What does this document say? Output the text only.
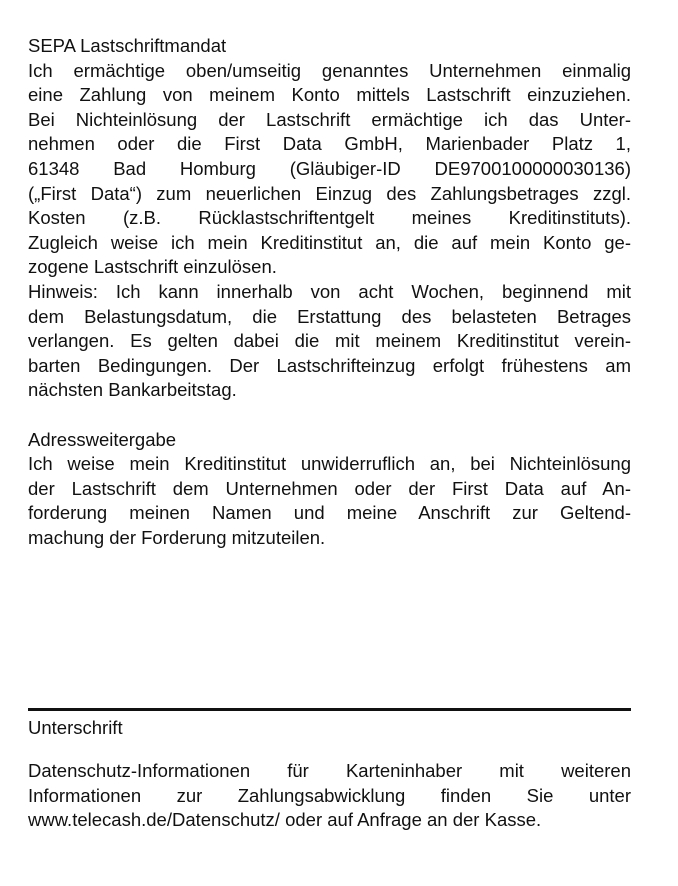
SEPA Lastschriftmandat
Ich ermächtige oben/umseitig genanntes Unternehmen einmalig
eine Zahlung von meinem Konto mittels Lastschrift einzuziehen.
Bei Nichteinlösung der Lastschrift ermächtige ich das Unter-
nehmen oder die First Data GmbH, Marienbader Platz 1,
61348 Bad Homburg (Gläubiger-ID DE9700100000030136)
(„First Data“) zum neuerlichen Einzug des Zahlungsbetrages zzgl.
Kosten (z.B. Rücklastschriftentgelt meines Kreditinstituts).
Zugleich weise ich mein Kreditinstitut an, die auf mein Konto ge-
zogene Lastschrift einzulösen.
Hinweis: Ich kann innerhalb von acht Wochen, beginnend mit
dem Belastungsdatum, die Erstattung des belasteten Betrages
verlangen. Es gelten dabei die mit meinem Kreditinstitut verein-
barten Bedingungen. Der Lastschrifteinzug erfolgt frühestens am
nächsten Bankarbeitstag.
Adressweitergabe
Ich weise mein Kreditinstitut unwiderruflich an, bei Nichteinlösung
der Lastschrift dem Unternehmen oder der First Data auf An-
forderung meinen Namen und meine Anschrift zur Geltend-
machung der Forderung mitzuteilen.
Unterschrift
Datenschutz-Informationen für Karteninhaber mit weiteren
Informationen zur Zahlungsabwicklung finden Sie unter
www.telecash.de/Datenschutz/ oder auf Anfrage an der Kasse.
